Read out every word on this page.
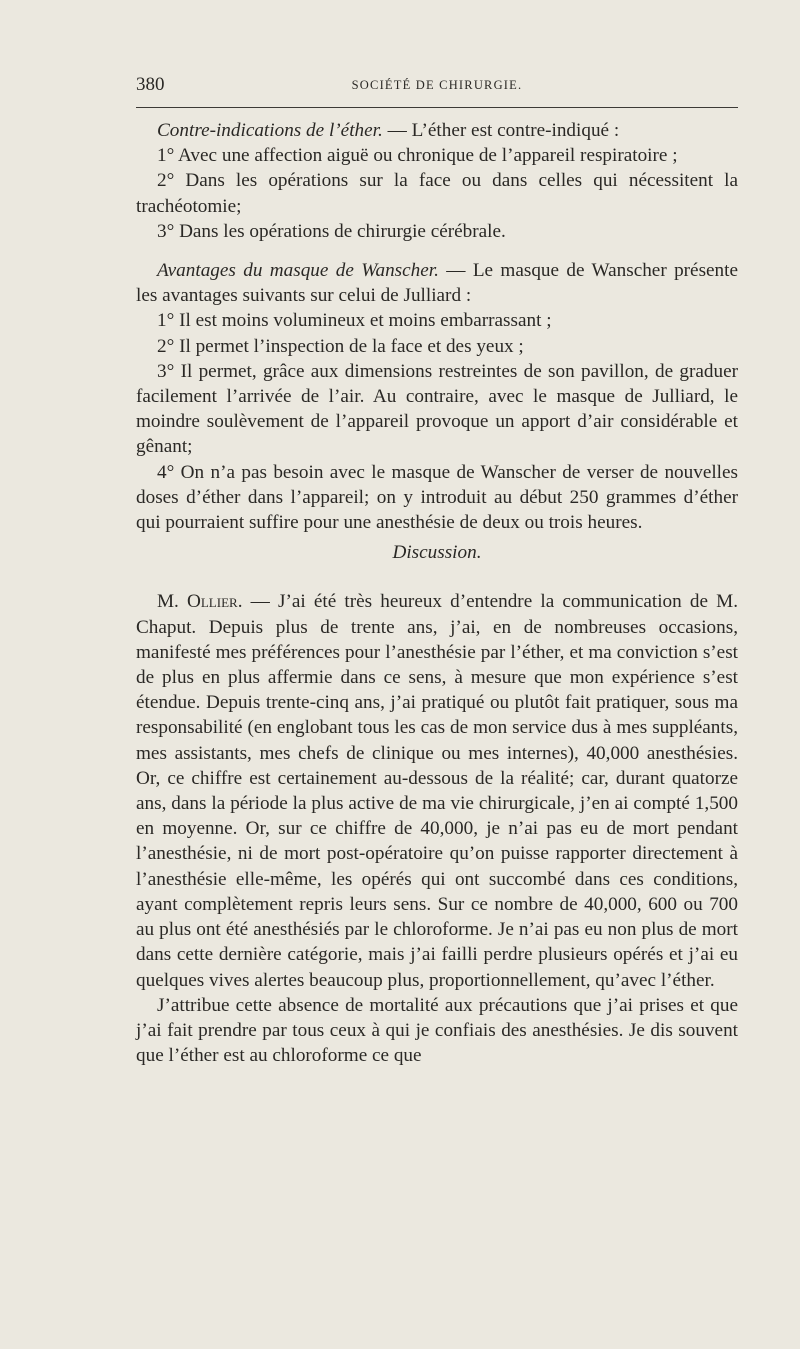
380	SOCIÉTÉ DE CHIRURGIE.

Contre-indications de l’éther. — L’éther est contre-indiqué :

1° Avec une affection aiguë ou chronique de l’appareil respiratoire ;

2° Dans les opérations sur la face ou dans celles qui nécessitent la trachéotomie;

3° Dans les opérations de chirurgie cérébrale.

Avantages du masque de Wanscher. — Le masque de Wanscher présente les avantages suivants sur celui de Julliard :

1° Il est moins volumineux et moins embarrassant ;

2° Il permet l’inspection de la face et des yeux ;

3° Il permet, grâce aux dimensions restreintes de son pavillon, de graduer facilement l’arrivée de l’air. Au contraire, avec le masque de Julliard, le moindre soulèvement de l’appareil provoque un apport d’air considérable et gênant;

4° On n’a pas besoin avec le masque de Wanscher de verser de nouvelles doses d’éther dans l’appareil; on y introduit au début 250 grammes d’éther qui pourraient suffire pour une anesthésie de deux ou trois heures.

Discussion.

M. Ollier. — J’ai été très heureux d’entendre la communication de M. Chaput. Depuis plus de trente ans, j’ai, en de nombreuses occasions, manifesté mes préférences pour l’anesthésie par l’éther, et ma conviction s’est de plus en plus affermie dans ce sens, à mesure que mon expérience s’est étendue. Depuis trente-cinq ans, j’ai pratiqué ou plutôt fait pratiquer, sous ma responsabilité (en englobant tous les cas de mon service dus à mes suppléants, mes assistants, mes chefs de clinique ou mes internes), 40,000 anesthésies. Or, ce chiffre est certainement au-dessous de la réalité; car, durant quatorze ans, dans la période la plus active de ma vie chirurgicale, j’en ai compté 1,500 en moyenne. Or, sur ce chiffre de 40,000, je n’ai pas eu de mort pendant l’anesthésie, ni de mort post-opératoire qu’on puisse rapporter directement à l’anesthésie elle-même, les opérés qui ont succombé dans ces conditions, ayant complètement repris leurs sens. Sur ce nombre de 40,000, 600 ou 700 au plus ont été anesthésiés par le chloroforme. Je n’ai pas eu non plus de mort dans cette dernière catégorie, mais j’ai failli perdre plusieurs opérés et j’ai eu quelques vives alertes beaucoup plus, proportionnellement, qu’avec l’éther.

J’attribue cette absence de mortalité aux précautions que j’ai prises et que j’ai fait prendre par tous ceux à qui je confiais des anesthésies. Je dis souvent que l’éther est au chloroforme ce que
